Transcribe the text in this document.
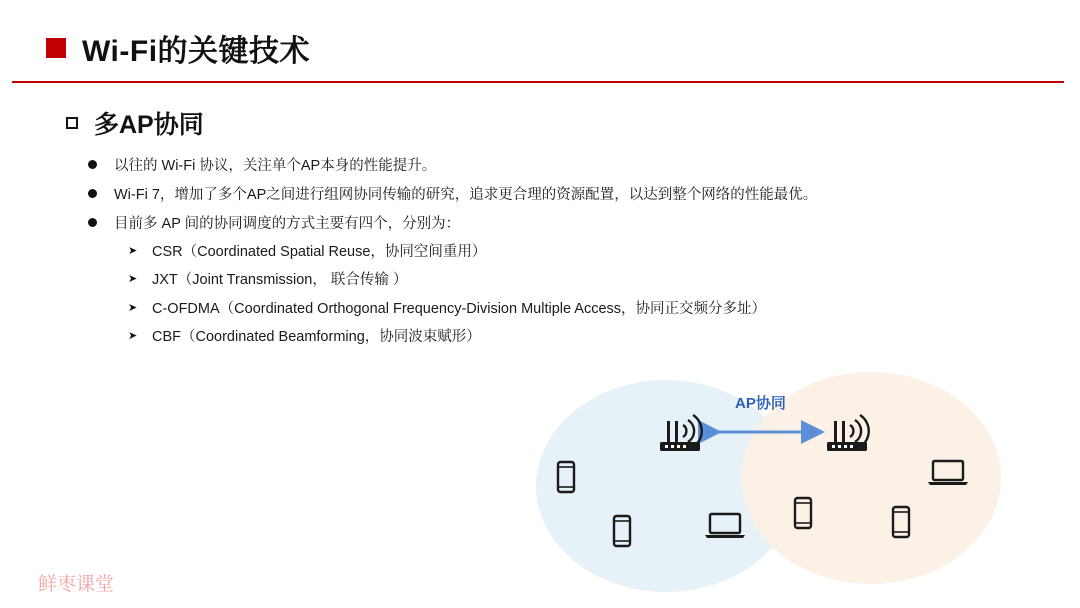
Wi-Fi的关键技术
多AP协同
以往的 Wi-Fi 协议，关注单个AP本身的性能提升。
Wi-Fi 7，增加了多个AP之间进行组网协同传输的研究，追求更合理的资源配置，以达到整个网络的性能最优。
目前多 AP 间的协同调度的方式主要有四个，分别为：
➤ CSR（Coordinated Spatial Reuse，协同空间重用）
➤ JXT（Joint Transmission， 联合传输 ）
➤ C-OFDMA（Coordinated Orthogonal Frequency-Division Multiple Access，协同正交频分多址）
➤ CBF（Coordinated Beamforming，协同波束赋形）
AP协同
鲜枣课堂
